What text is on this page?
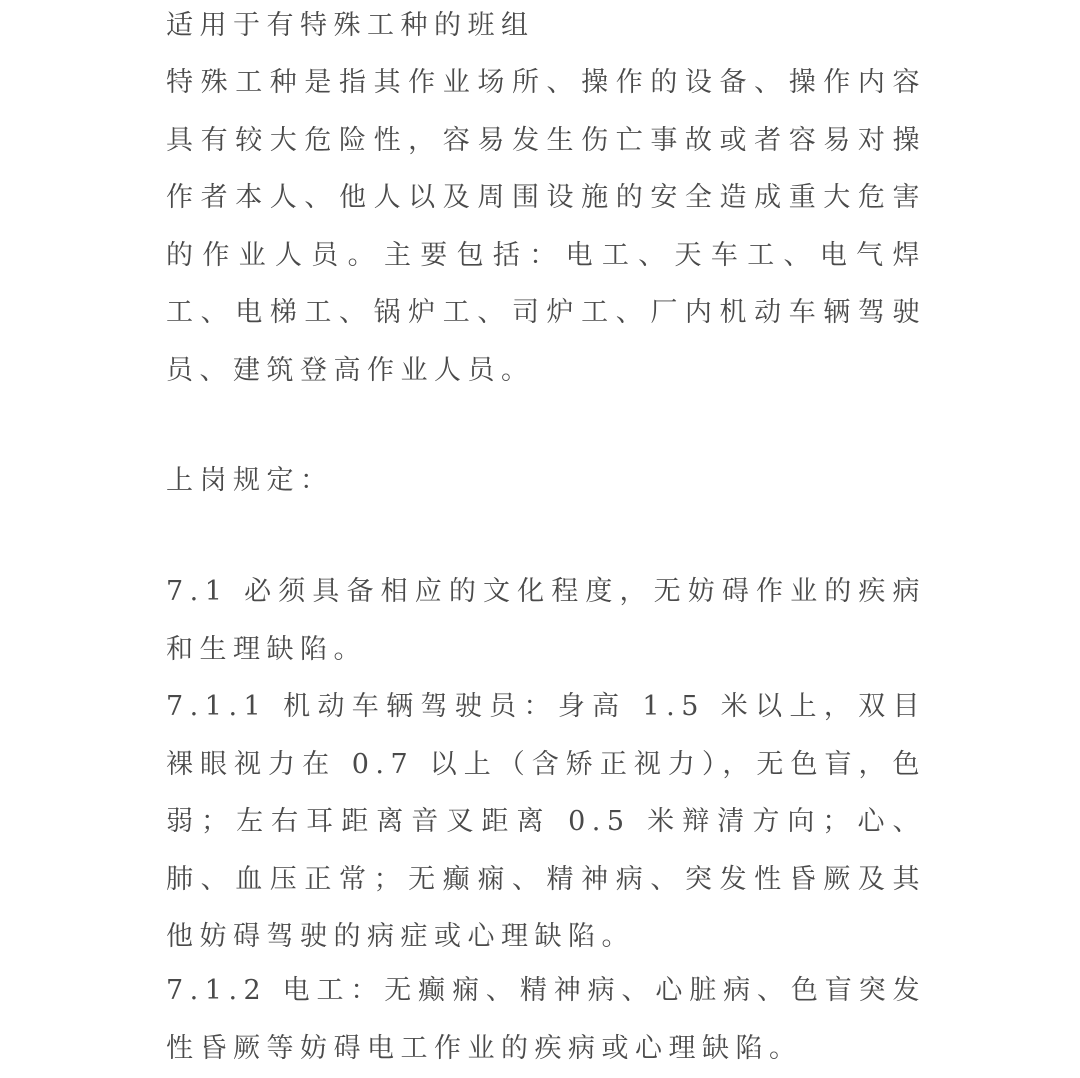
适用于有特殊工种的班组

特殊工种是指其作业场所、操作的设备、操作内容具有较大危险性，容易发生伤亡事故或者容易对操作者本人、他人以及周围设施的安全造成重大危害的作业人员。主要包括：电工、天车工、电气焊工、电梯工、锅炉工、司炉工、厂内机动车辆驾驶员、建筑登高作业人员。

上岗规定：

7.1 必须具备相应的文化程度，无妨碍作业的疾病和生理缺陷。

7.1.1 机动车辆驾驶员：身高 1.5 米以上，双目裸眼视力在 0.7 以上（含矫正视力），无色盲，色弱；左右耳距离音叉距离 0.5 米辩清方向；心、肺、血压正常；无癫痫、精神病、突发性昏厥及其他妨碍驾驶的病症或心理缺陷。

7.1.2 电工：无癫痫、精神病、心脏病、色盲突发性昏厥等妨碍电工作业的疾病或心理缺陷。
